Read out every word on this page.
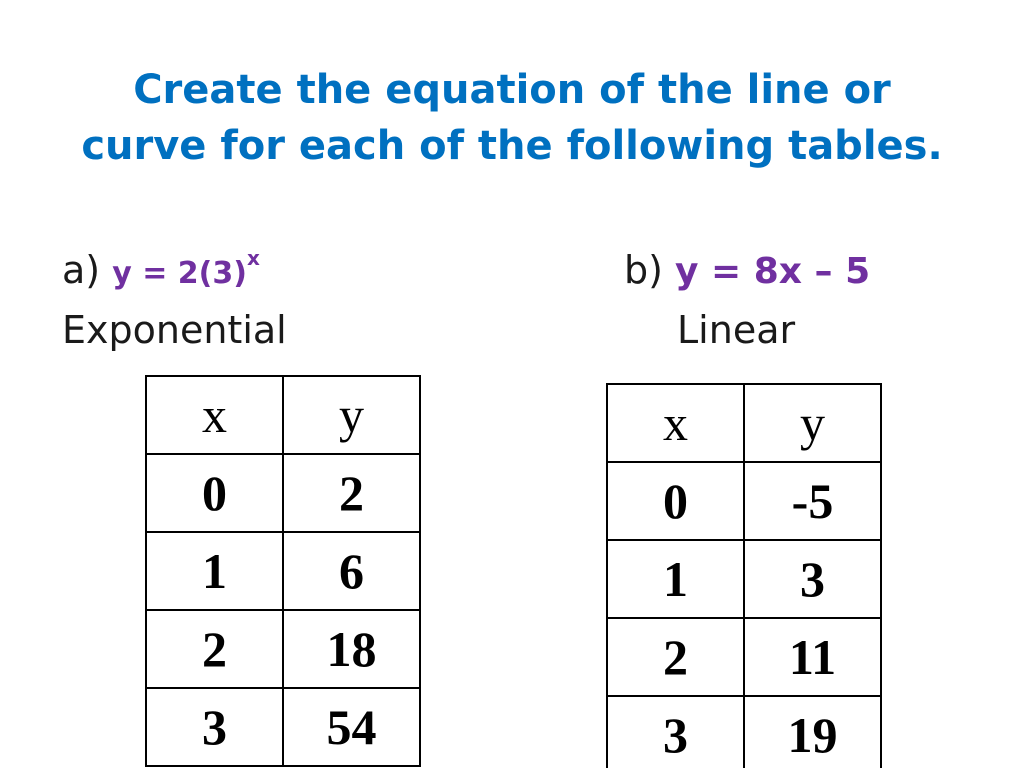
Create the equation of the line or
curve for each of the following tables.
a) $y = 2(3)^x$
Exponential
x	y
0	2
1	6
2	18
3	54
b) y = 8x – 5
Linear
x	y
0	-5
1	3
2	11
3	19
